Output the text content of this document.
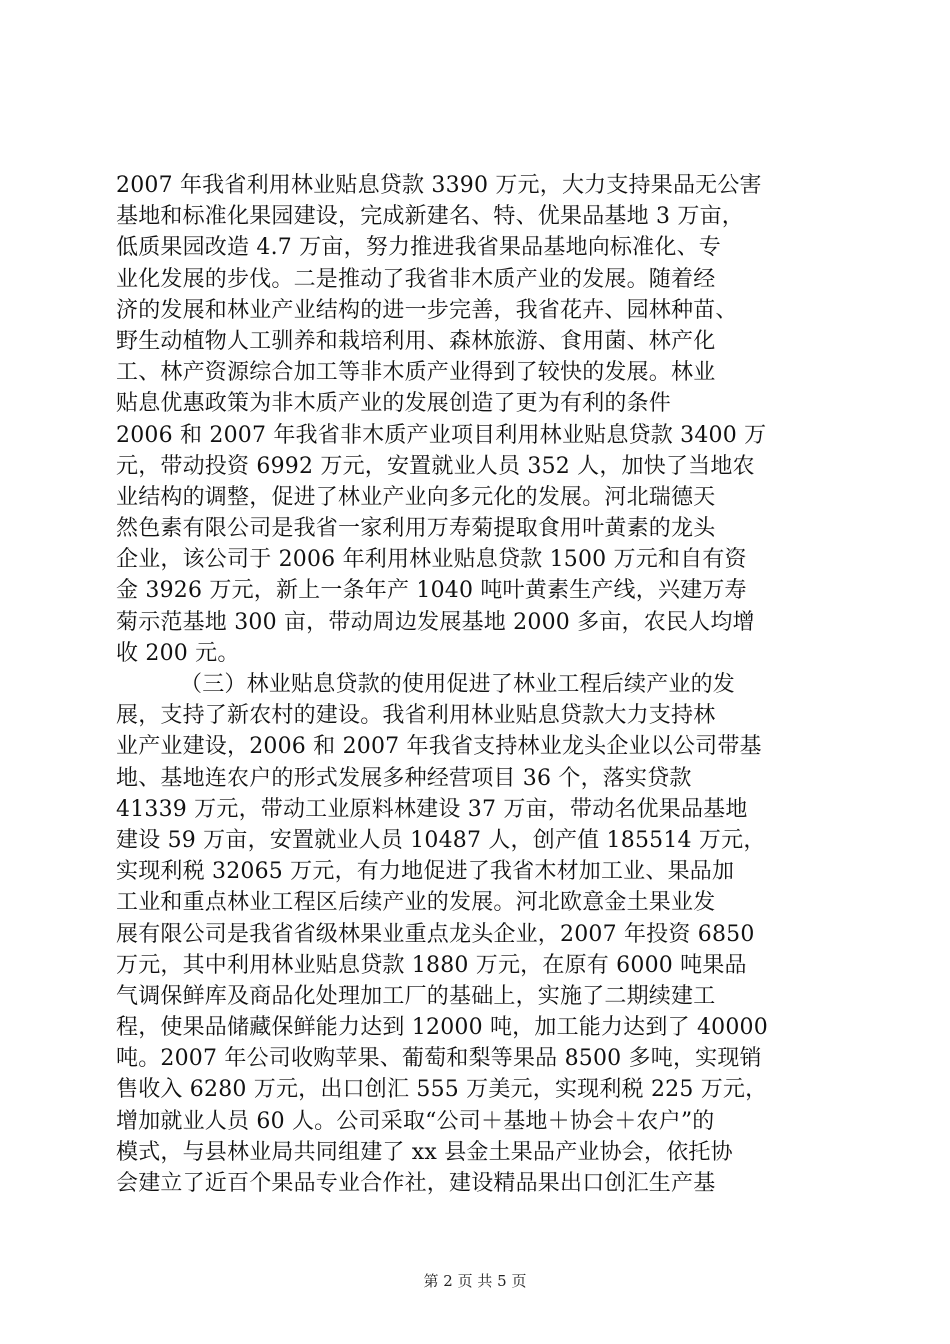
2007 年我省利用林业贴息贷款 3390 万元，大力支持果品无公害
基地和标准化果园建设，完成新建名、特、优果品基地 3 万亩，
低质果园改造 4.7 万亩，努力推进我省果品基地向标准化、专
业化发展的步伐。二是推动了我省非木质产业的发展。随着经
济的发展和林业产业结构的进一步完善，我省花卉、园林种苗、
野生动植物人工驯养和栽培利用、森林旅游、食用菌、林产化
工、林产资源综合加工等非木质产业得到了较快的发展。林业
贴息优惠政策为非木质产业的发展创造了更为有利的条件
2006 和 2007 年我省非木质产业项目利用林业贴息贷款 3400 万
元，带动投资 6992 万元，安置就业人员 352 人，加快了当地农
业结构的调整，促进了林业产业向多元化的发展。河北瑞德天
然色素有限公司是我省一家利用万寿菊提取食用叶黄素的龙头
企业，该公司于 2006 年利用林业贴息贷款 1500 万元和自有资
金 3926 万元，新上一条年产 1040 吨叶黄素生产线，兴建万寿
菊示范基地 300 亩，带动周边发展基地 2000 多亩，农民人均增
收 200 元。
（三）林业贴息贷款的使用促进了林业工程后续产业的发
展，支持了新农村的建设。我省利用林业贴息贷款大力支持林
业产业建设，2006 和 2007 年我省支持林业龙头企业以公司带基
地、基地连农户的形式发展多种经营项目 36 个，落实贷款
41339 万元，带动工业原料林建设 37 万亩，带动名优果品基地
建设 59 万亩，安置就业人员 10487 人，创产值 185514 万元，
实现利税 32065 万元，有力地促进了我省木材加工业、果品加
工业和重点林业工程区后续产业的发展。河北欧意金土果业发
展有限公司是我省省级林果业重点龙头企业，2007 年投资 6850
万元，其中利用林业贴息贷款 1880 万元，在原有 6000 吨果品
气调保鲜库及商品化处理加工厂的基础上，实施了二期续建工
程，使果品储藏保鲜能力达到 12000 吨，加工能力达到了 40000
吨。2007 年公司收购苹果、葡萄和梨等果品 8500 多吨，实现销
售收入 6280 万元，出口创汇 555 万美元，实现利税 225 万元，
增加就业人员 60 人。公司采取“公司＋基地＋协会＋农户”的
模式，与县林业局共同组建了 xx 县金土果品产业协会，依托协
会建立了近百个果品专业合作社，建设精品果出口创汇生产基
第 2 页 共 5 页
